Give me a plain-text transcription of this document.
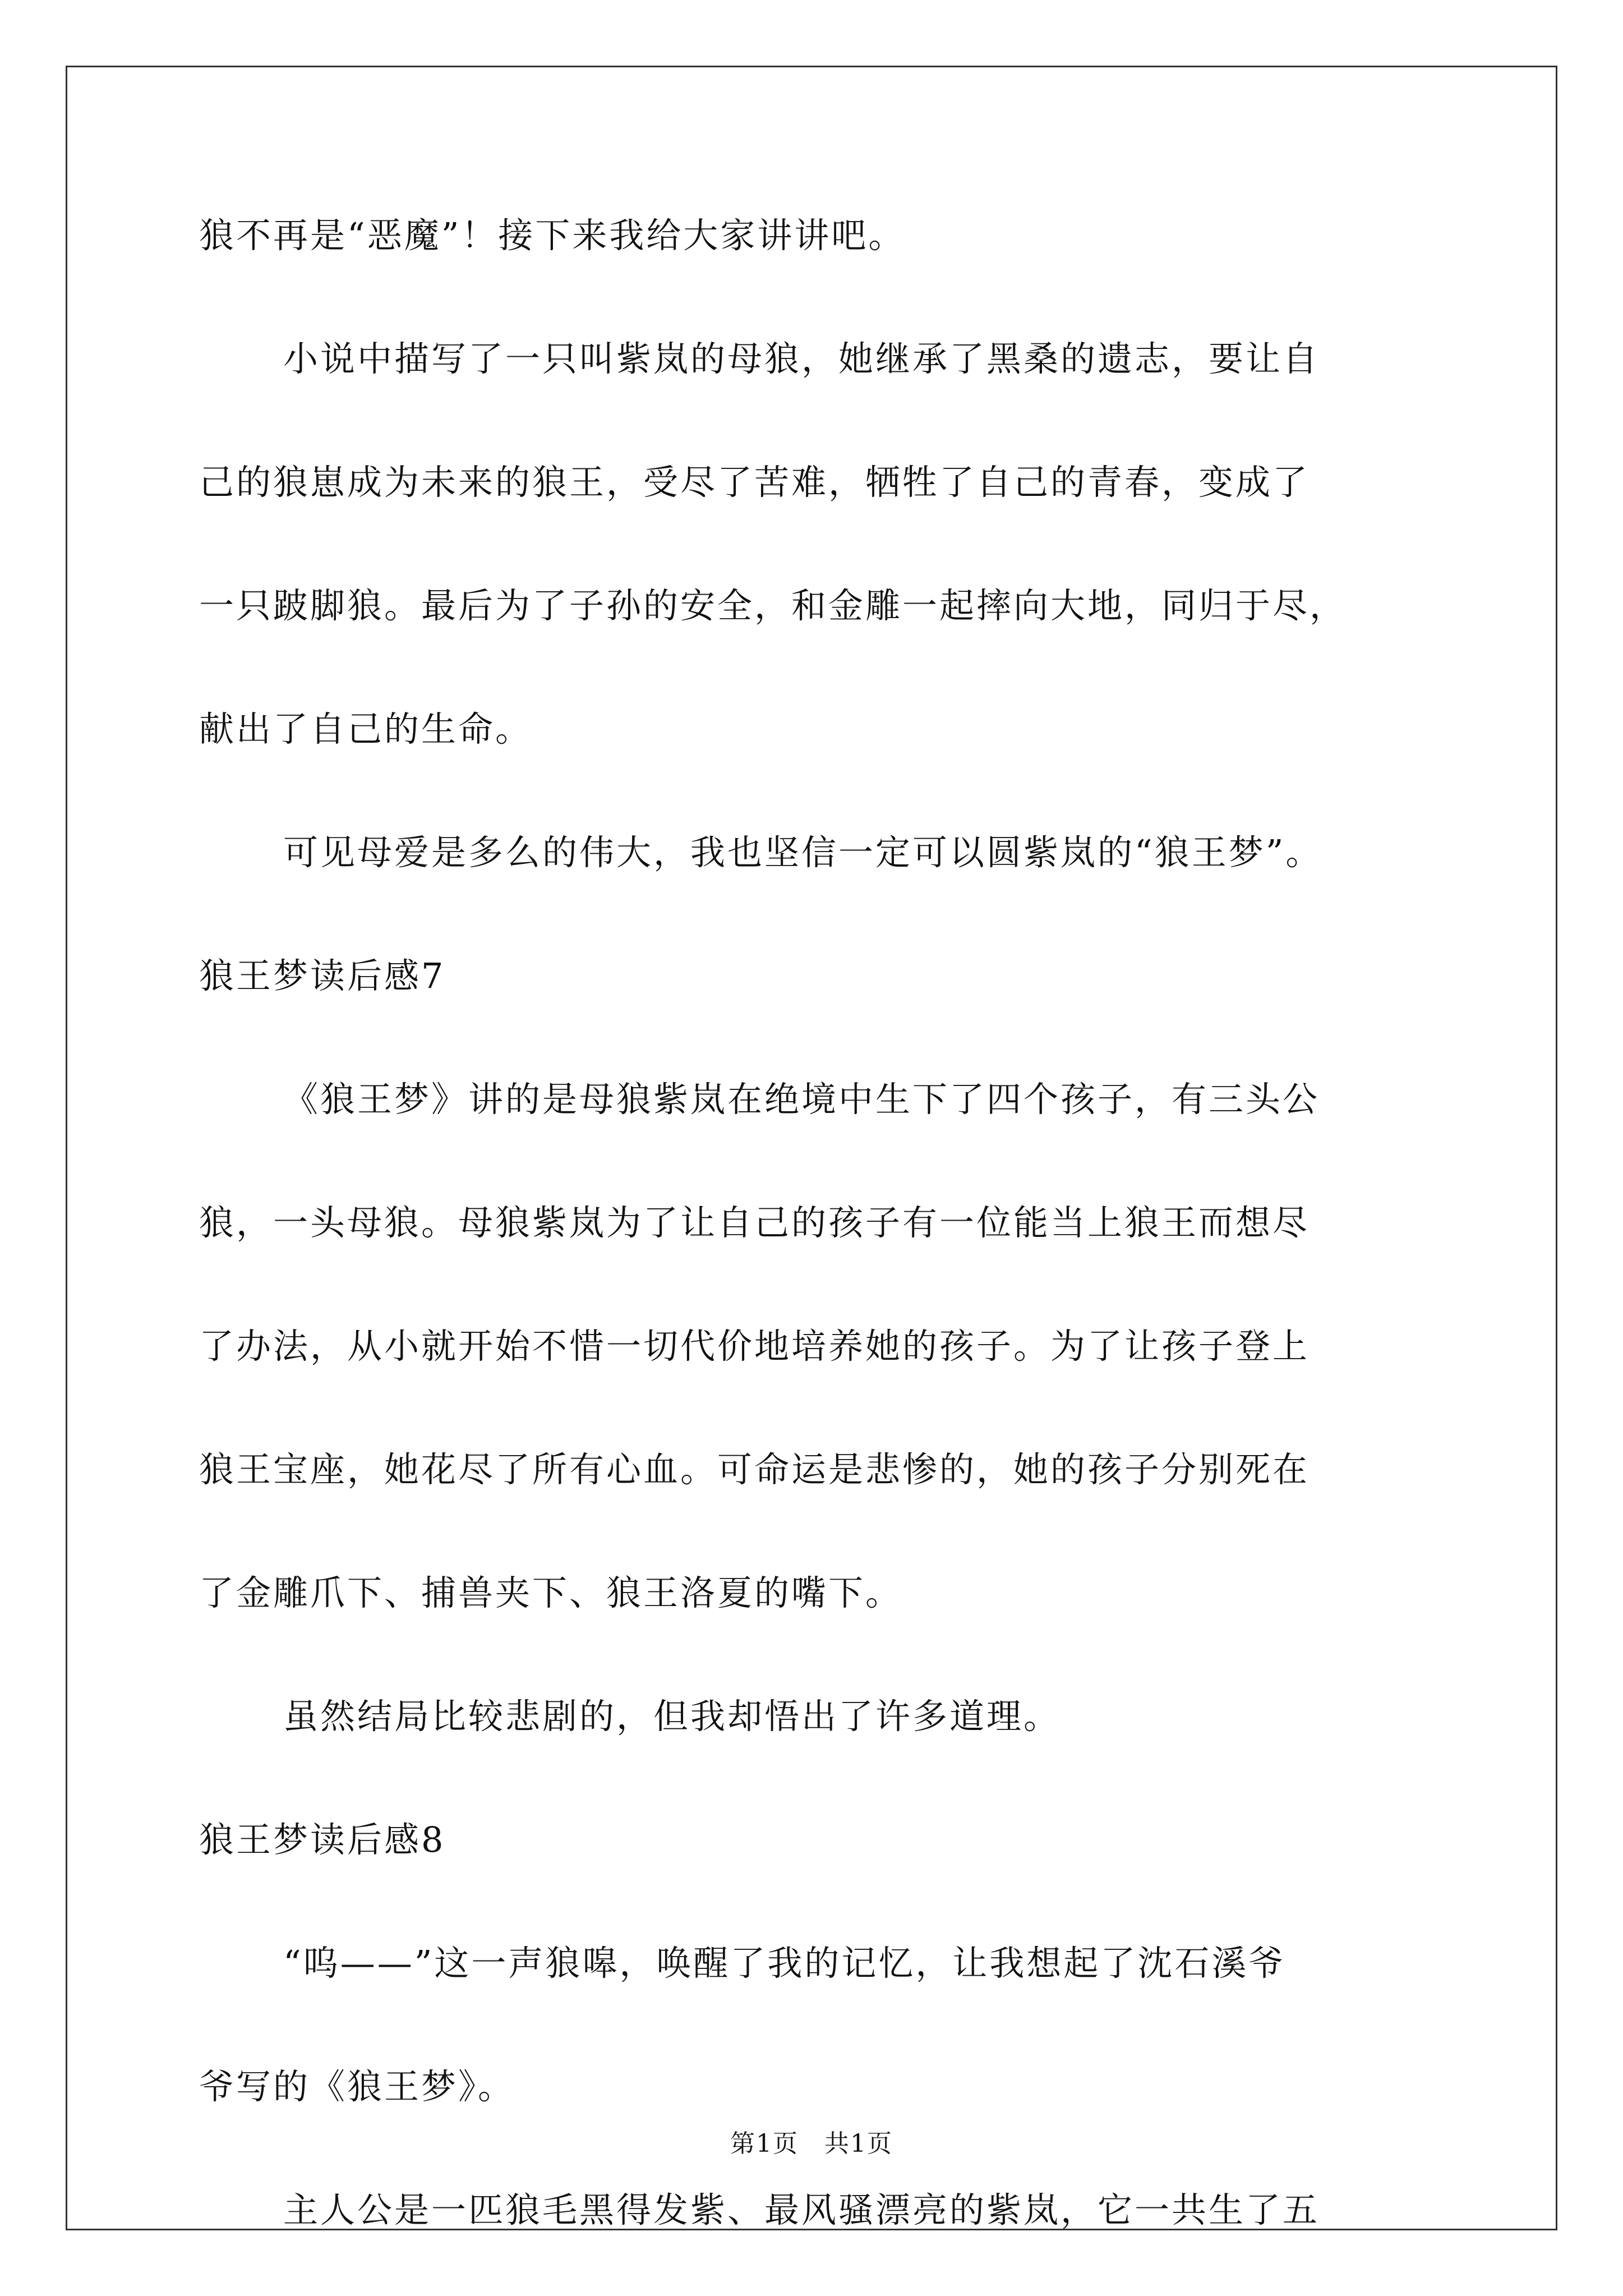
狼不再是“恶魔”！接下来我给大家讲讲吧。
小说中描写了一只叫紫岚的母狼，她继承了黑桑的遗志，要让自
己的狼崽成为未来的狼王，受尽了苦难，牺牲了自己的青春，变成了
一只跛脚狼。最后为了子孙的安全，和金雕一起摔向大地，同归于尽，
献出了自己的生命。
可见母爱是多么的伟大，我也坚信一定可以圆紫岚的“狼王梦”。
狼王梦读后感7
《狼王梦》讲的是母狼紫岚在绝境中生下了四个孩子，有三头公
狼，一头母狼。母狼紫岚为了让自己的孩子有一位能当上狼王而想尽
了办法，从小就开始不惜一切代价地培养她的孩子。为了让孩子登上
狼王宝座，她花尽了所有心血。可命运是悲惨的，她的孩子分别死在
了金雕爪下、捕兽夹下、狼王洛夏的嘴下。
虽然结局比较悲剧的，但我却悟出了许多道理。
狼王梦读后感8
“呜——”这一声狼嗥，唤醒了我的记忆，让我想起了沈石溪爷
爷写的《狼王梦》。
主人公是一匹狼毛黑得发紫、最风骚漂亮的紫岚，它一共生了五
第1页　共1页
